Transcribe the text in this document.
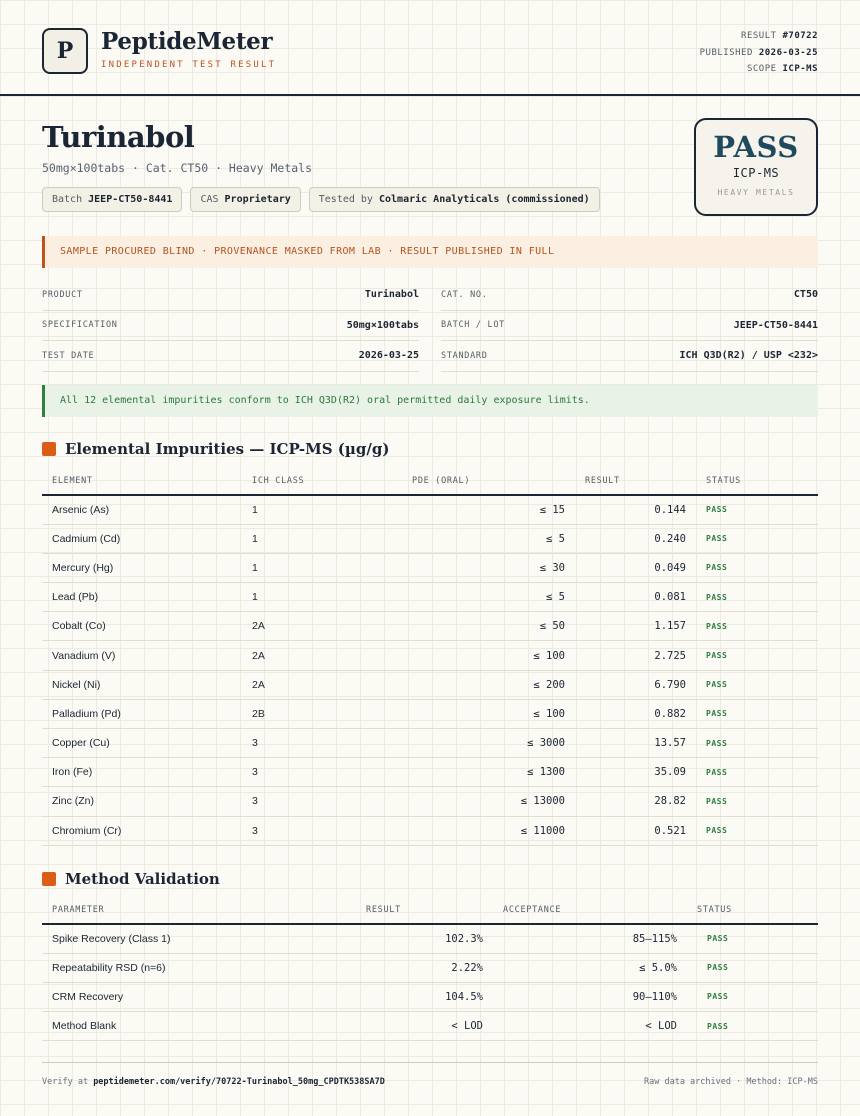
P	PeptideMeter
INDEPENDENT TEST RESULT
RESULT #70722
PUBLISHED 2026-03-25
SCOPE ICP-MS
Turinabol
50mg×100tabs · Cat. CT50 · Heavy Metals
Batch JEEP-CT50-8441	CAS Proprietary	Tested by Colmaric Analyticals (commissioned)
PASS
ICP-MS
HEAVY METALS
SAMPLE PROCURED BLIND · PROVENANCE MASKED FROM LAB · RESULT PUBLISHED IN FULL
PRODUCT	Turinabol	CAT. NO.	CT50
SPECIFICATION	50mg×100tabs	BATCH / LOT	JEEP-CT50-8441
TEST DATE	2026-03-25	STANDARD	ICH Q3D(R2) / USP <232>
All 12 elemental impurities conform to ICH Q3D(R2) oral permitted daily exposure limits.
Elemental Impurities — ICP-MS (µg/g)
ELEMENT	ICH CLASS	PDE (ORAL)	RESULT	STATUS
Arsenic (As)	1	≤ 15	0.144	PASS
Cadmium (Cd)	1	≤ 5	0.240	PASS
Mercury (Hg)	1	≤ 30	0.049	PASS
Lead (Pb)	1	≤ 5	0.081	PASS
Cobalt (Co)	2A	≤ 50	1.157	PASS
Vanadium (V)	2A	≤ 100	2.725	PASS
Nickel (Ni)	2A	≤ 200	6.790	PASS
Palladium (Pd)	2B	≤ 100	0.882	PASS
Copper (Cu)	3	≤ 3000	13.57	PASS
Iron (Fe)	3	≤ 1300	35.09	PASS
Zinc (Zn)	3	≤ 13000	28.82	PASS
Chromium (Cr)	3	≤ 11000	0.521	PASS
Method Validation
PARAMETER	RESULT	ACCEPTANCE	STATUS
Spike Recovery (Class 1)	102.3%	85–115%	PASS
Repeatability RSD (n=6)	2.22%	≤ 5.0%	PASS
CRM Recovery	104.5%	90–110%	PASS
Method Blank	< LOD	< LOD	PASS
Verify at peptidemeter.com/verify/70722-Turinabol_50mg_CPDTK538SA7D	Raw data archived · Method: ICP-MS
